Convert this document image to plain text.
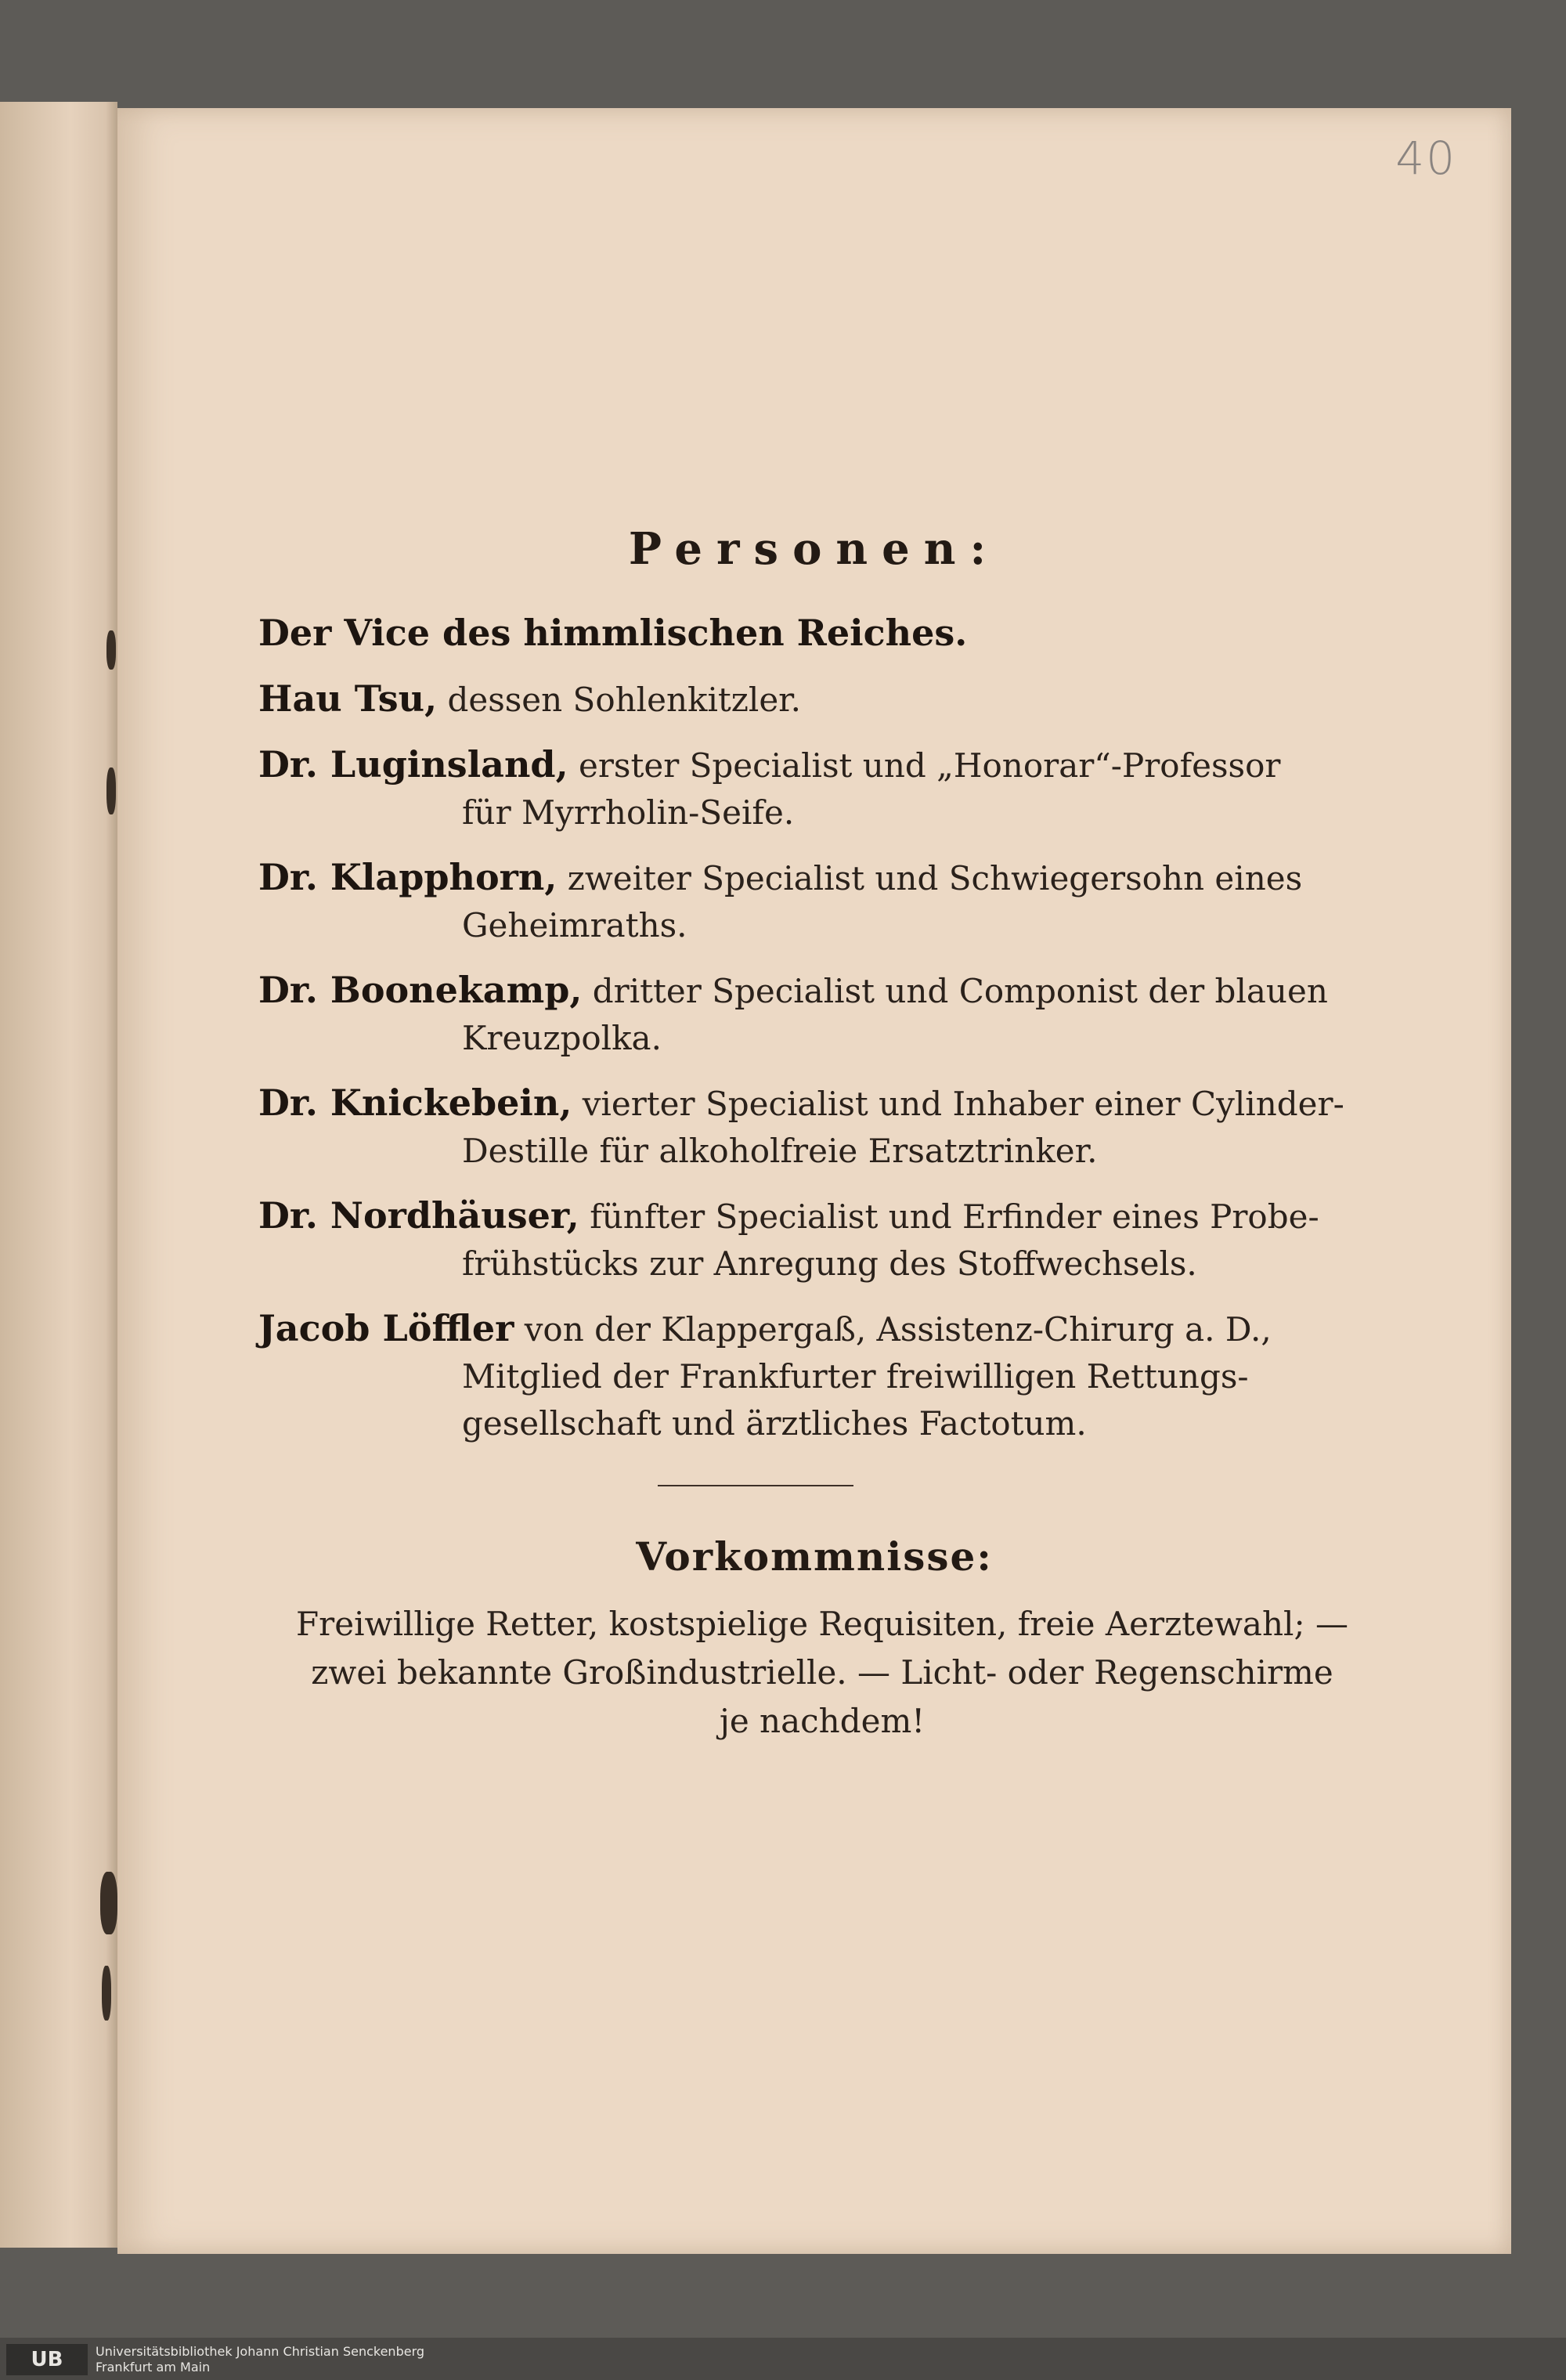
40
Personen:
Der Vice des himmlischen Reiches.
Hau Tsu, dessen Sohlenkitzler.
Dr. Luginsland, erster Specialist und „Honorar“-Professor
für Myrrholin-Seife.
Dr. Klapphorn, zweiter Specialist und Schwiegersohn eines
Geheimraths.
Dr. Boonekamp, dritter Specialist und Componist der blauen
Kreuzpolka.
Dr. Knickebein, vierter Specialist und Inhaber einer Cylinder-
Destille für alkoholfreie Ersatztrinker.
Dr. Nordhäuser, fünfter Specialist und Erfinder eines Probe-
frühstücks zur Anregung des Stoffwechsels.
Jacob Löffler von der Klappergaß, Assistenz-Chirurg a. D.,
Mitglied der Frankfurter freiwilligen Rettungs-
gesellschaft und ärztliches Factotum.
Vorkommnisse:
Freiwillige Retter, kostspielige Requisiten, freie Aerztewahl; —
zwei bekannte Großindustrielle. — Licht- oder Regenschirme
je nachdem!
UB	Universitätsbibliothek Johann Christian Senckenberg
Frankfurt am Main
